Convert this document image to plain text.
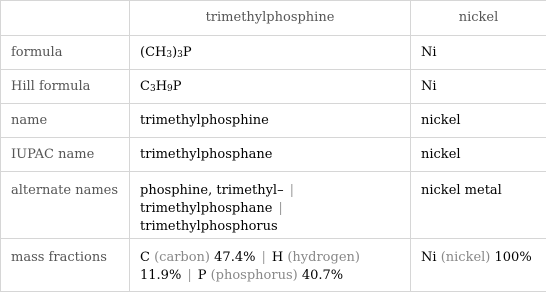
	trimethylphosphine	nickel
formula	$(CH_3)_3P$	Ni
Hill formula	$C_3H_9P$	Ni
name	trimethylphosphine	nickel
IUPAC name	trimethylphosphane	nickel
alternate names	phosphine, trimethyl– |
trimethylphosphane |
trimethylphosphorus	nickel metal
mass fractions	C (carbon) 47.4% | H (hydrogen)
11.9% | P (phosphorus) 40.7%	Ni (nickel) 100%
